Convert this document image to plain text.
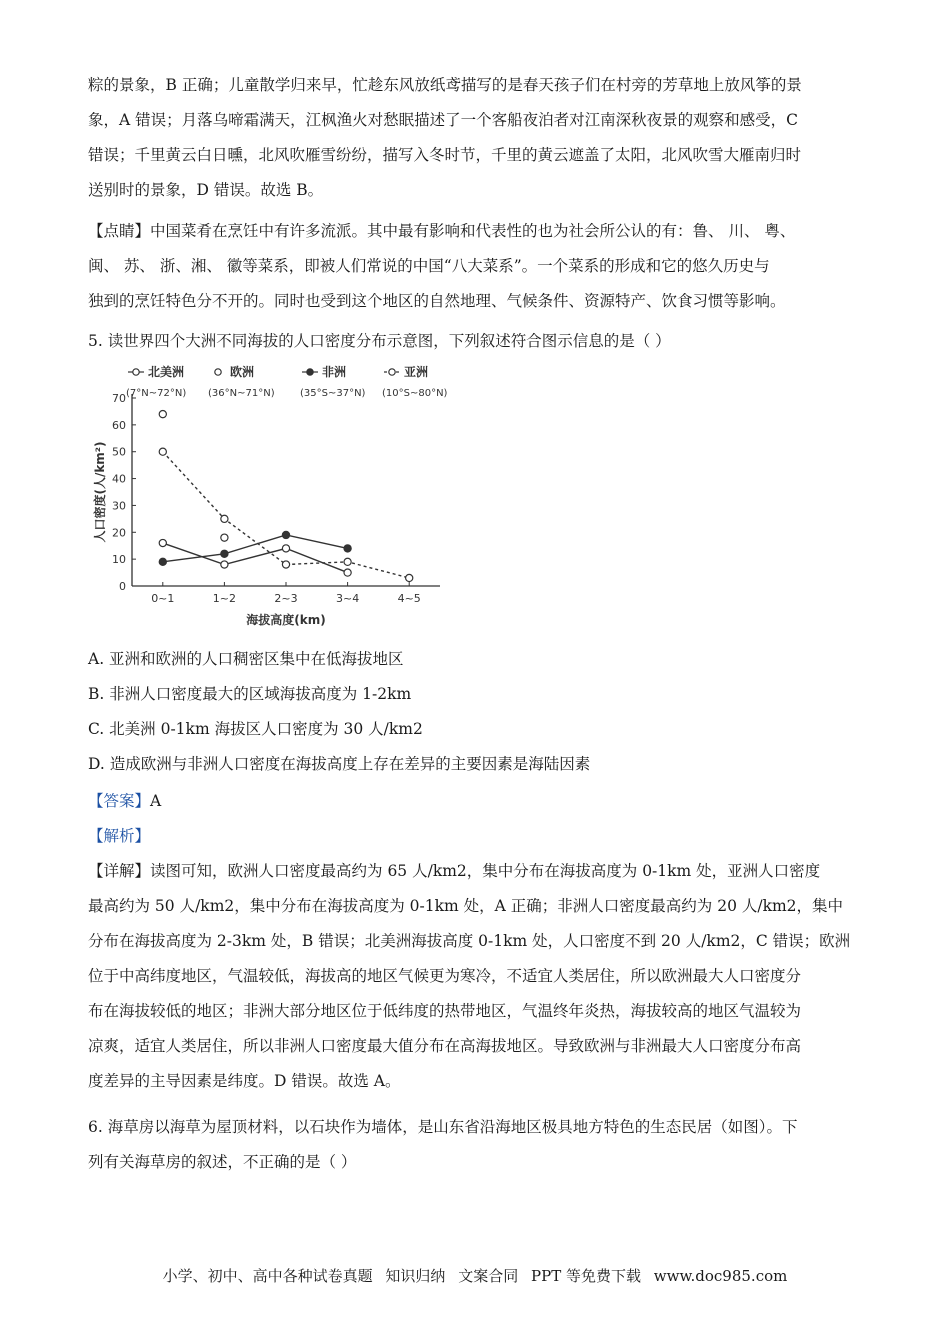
粽的景象，B 正确；儿童散学归来早，忙趁东风放纸鸢描写的是春天孩子们在村旁的芳草地上放风筝的景
象，A 错误；月落乌啼霜满天，江枫渔火对愁眠描述了一个客船夜泊者对江南深秋夜景的观察和感受，C
错误；千里黄云白日曛，北风吹雁雪纷纷，描写入冬时节，千里的黄云遮盖了太阳，北风吹雪大雁南归时
送别时的景象，D 错误。故选 B。
【点睛】中国菜肴在烹饪中有许多流派。其中最有影响和代表性的也为社会所公认的有：鲁、 川、 粤、
闽、 苏、 浙、湘、 徽等菜系，即被人们常说的中国“八大菜系”。一个菜系的形成和它的悠久历史与
独到的烹饪特色分不开的。同时也受到这个地区的自然地理、气候条件、资源特产、饮食习惯等影响。
5. 读世界四个大洲不同海拔的人口密度分布示意图，下列叙述符合图示信息的是（ ）
0
10
20
30
40
50
60
70
0~1	1~2	2~3	3~4	4~5
海拔高度(km)
人口密度(人/km²)
北美洲
(7°N~72°N)
欧洲
(36°N~71°N)
非洲
(35°S~37°N)
亚洲
(10°S~80°N)
A. 亚洲和欧洲的人口稠密区集中在低海拔地区
B. 非洲人口密度最大的区域海拔高度为 1-2km
C. 北美洲 0-1km 海拔区人口密度为 30 人/km2
D. 造成欧洲与非洲人口密度在海拔高度上存在差异的主要因素是海陆因素
【答案】A
【解析】
【详解】读图可知，欧洲人口密度最高约为 65 人/km2，集中分布在海拔高度为 0-1km 处，亚洲人口密度
最高约为 50 人/km2，集中分布在海拔高度为 0-1km 处，A 正确；非洲人口密度最高约为 20 人/km2，集中
分布在海拔高度为 2-3km 处，B 错误；北美洲海拔高度 0-1km 处，人口密度不到 20 人/km2，C 错误；欧洲
位于中高纬度地区，气温较低，海拔高的地区气候更为寒冷，不适宜人类居住，所以欧洲最大人口密度分
布在海拔较低的地区；非洲大部分地区位于低纬度的热带地区，气温终年炎热，海拔较高的地区气温较为
凉爽，适宜人类居住，所以非洲人口密度最大值分布在高海拔地区。导致欧洲与非洲最大人口密度分布高
度差异的主导因素是纬度。D 错误。故选 A。
6. 海草房以海草为屋顶材料，以石块作为墙体，是山东省沿海地区极具地方特色的生态民居（如图）。下
列有关海草房的叙述，不正确的是（ ）
小学、初中、高中各种试卷真题 知识归纳 文案合同 PPT 等免费下载 www.doc985.com
